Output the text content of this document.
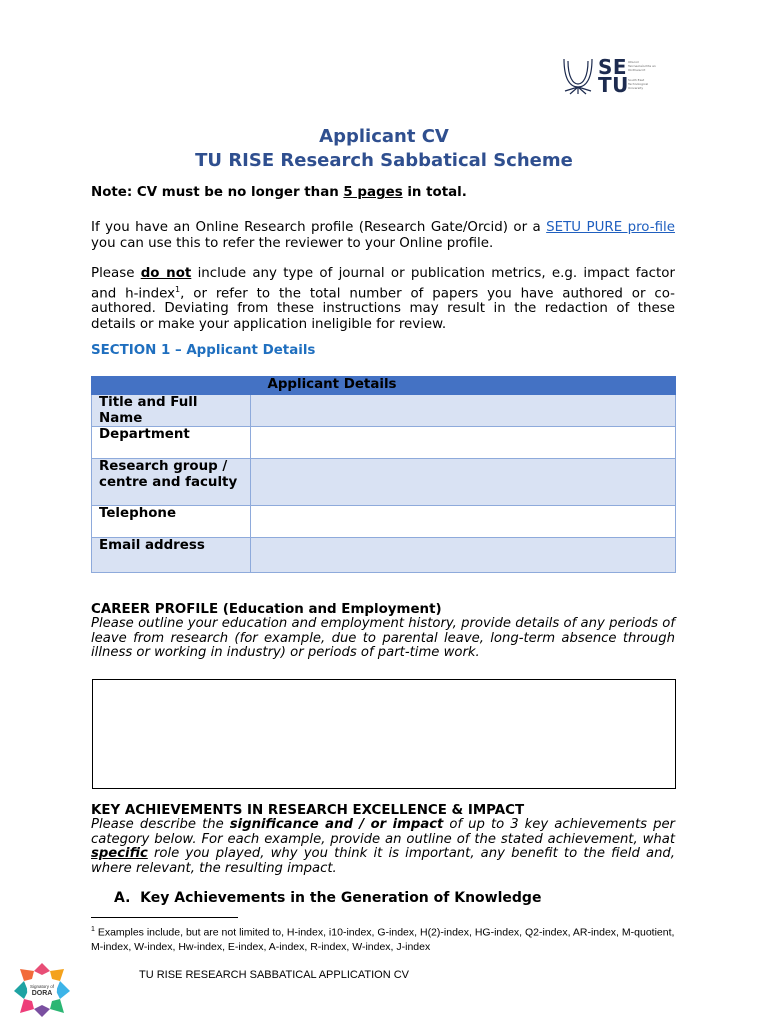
SE
TU
Ollscoil Teicneolaíochta an Oirdheiscirt
South East Technological University
Applicant CV
TU RISE Research Sabbatical Scheme
Note: CV must be no longer than 5 pages in total.
If you have an Online Research profile (Research Gate/Orcid) or a SETU PURE pro-file you can use this to refer the reviewer to your Online profile.
Please do not include any type of journal or publication metrics, e.g. impact factor and h-index$^1$, or refer to the total number of papers you have authored or co-authored. Deviating from these instructions may result in the redaction of these details or make your application ineligible for review.
SECTION 1 – Applicant Details
Applicant Details	
Title and Full Name	
Department	
Research group / centre and faculty	
Telephone	
Email address	
CAREER PROFILE (Education and Employment)
Please outline your education and employment history, provide details of any periods of leave from research (for example, due to parental leave, long-term absence through illness or working in industry) or periods of part-time work.
KEY ACHIEVEMENTS IN RESEARCH EXCELLENCE & IMPACT
Please describe the significance and / or impact of up to 3 key achievements per category below. For each example, provide an outline of the stated achievement, what specific role you played, why you think it is important, any benefit to the field and, where relevant, the resulting impact.
A. Key Achievements in the Generation of Knowledge
$^1$ Examples include, but are not limited to, H-index, i10-index, G-index, H(2)-index, HG-index, Q2-index, AR-index, M-quotient, M-index, W-index, Hw-index, E-index, A-index, R-index, W-index, J-index
Signatory of
DORA
TU RISE RESEARCH SABBATICAL APPLICATION CV
